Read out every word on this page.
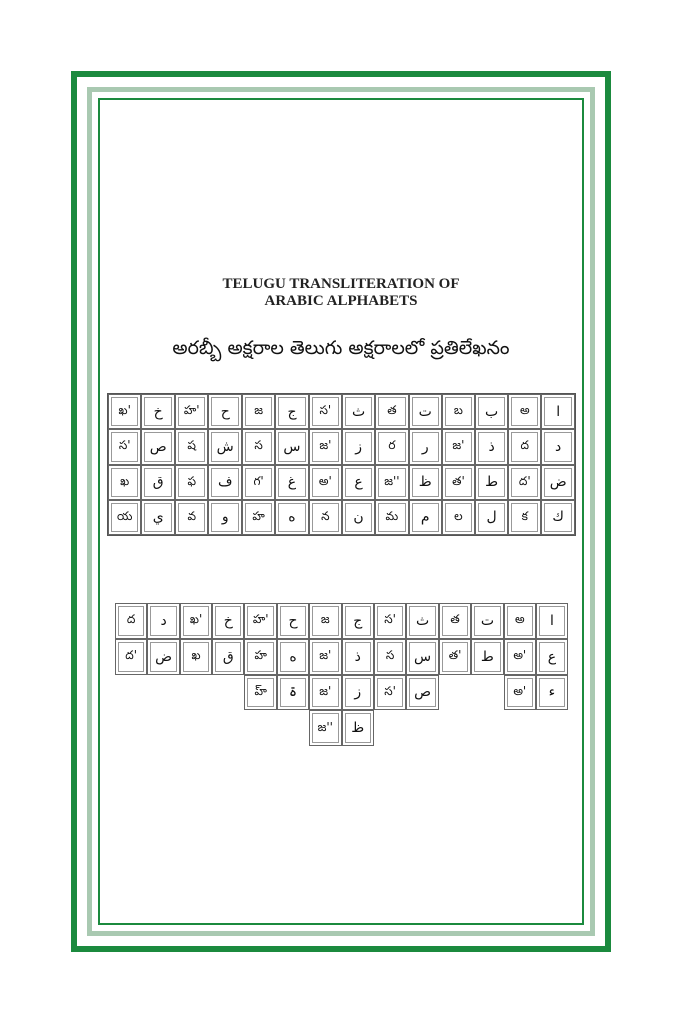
TELUGU TRANSLITERATION OF
ARABIC ALPHABETS
అరబ్బీ అక్షరాల తెలుగు అక్షరాలలో ప్రతిలేఖనం
ఖ'	خ	హ'	ح	జ	ج	స'	ث	త	ت	బ	ب	అ	ا
స'	ص	ష	ش	స	س	జ'	ز	ర	ر	జ'	ذ	ద	د
ఖ	ق	ఫ	ف	గ'	غ	అ'	ع	జ''	ظ	త'	ط	ద'	ض
య	ي	వ	و	హ	ه	న	ن	మ	م	ల	ل	క	ك
ద	د	ఖ'	خ	హ'	ح	జ	ج	స'	ث	త	ت	అ	ا
ద'	ض	ఖ	ق	హ	ه	జ'	ذ	స	س	త'	ط	అ'	ع
				హ్	ۃ	జ'	ز	స'	ص			అ'	ء
						జ''	ظ						
